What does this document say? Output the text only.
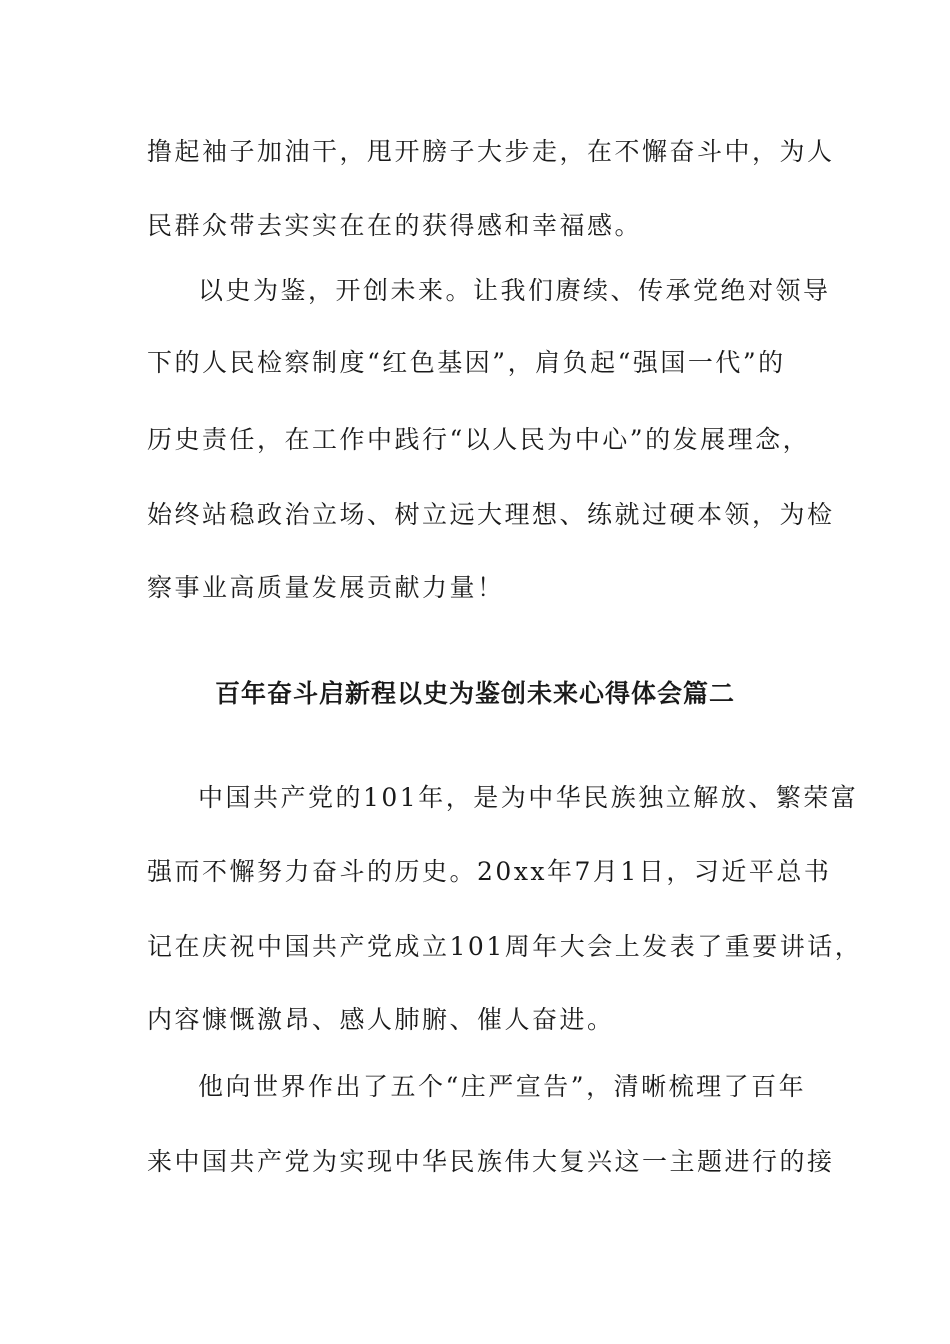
撸起袖子加油干，甩开膀子大步走，在不懈奋斗中，为人
民群众带去实实在在的获得感和幸福感。
以史为鉴，开创未来。让我们赓续、传承党绝对领导
下的人民检察制度“红色基因”，肩负起“强国一代”的
历史责任，在工作中践行“以人民为中心”的发展理念，
始终站稳政治立场、树立远大理想、练就过硬本领，为检
察事业高质量发展贡献力量！
百年奋斗启新程以史为鉴创未来心得体会篇二
中国共产党的101年，是为中华民族独立解放、繁荣富
强而不懈努力奋斗的历史。20xx年7月1日，习近平总书
记在庆祝中国共产党成立101周年大会上发表了重要讲话，
内容慷慨激昂、感人肺腑、催人奋进。
他向世界作出了五个“庄严宣告”，清晰梳理了百年
来中国共产党为实现中华民族伟大复兴这一主题进行的接
